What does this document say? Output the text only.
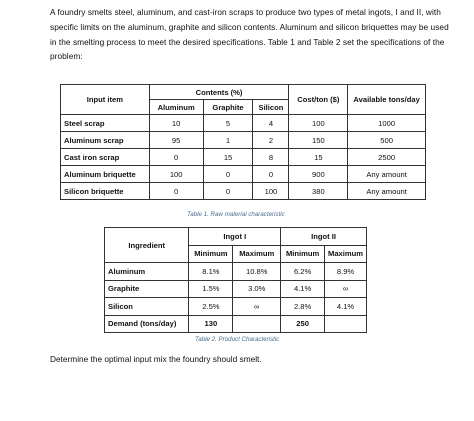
A foundry smelts steel, aluminum, and cast-iron scraps to produce two types of metal ingots, I and II, with specific limits on the aluminum, graphite and silicon contents. Aluminum and silicon briquettes may be used in the smelting process to meet the desired specifications. Table 1 and Table 2 set the specifications of the problem:
Input item	Contents (%)			Cost/ton ($)	Available tons/day
	Aluminum	Graphite	Silicon		
Steel scrap	10	5	4	100	1000
Aluminum scrap	95	1	2	150	500
Cast iron scrap	0	15	8	15	2500
Aluminum briquette	100	0	0	900	Any amount
Silicon briquette	0	0	100	380	Any amount
Table 1. Raw material characteristic
Ingredient	Ingot I		Ingot II	
	Minimum	Maximum	Minimum	Maximum
Aluminum	8.1%	10.8%	6.2%	8.9%
Graphite	1.5%	3.0%	4.1%	∞
Silicon	2.5%	∞	2.8%	4.1%
Demand (tons/day)	130		250	
Table 2. Product Characteristic
Determine the optimal input mix the foundry should smelt.
